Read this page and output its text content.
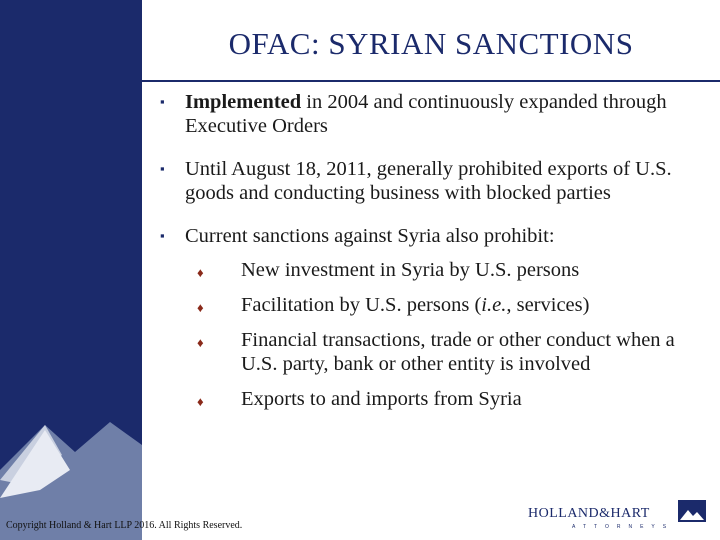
OFAC: SYRIAN SANCTIONS
▪ Implemented in 2004 and continuously expanded through Executive Orders
▪ Until August 18, 2011, generally prohibited exports of U.S. goods and conducting business with blocked parties
▪ Current sanctions against Syria also prohibit:
♦ New investment in Syria by U.S. persons
♦ Facilitation by U.S. persons (i.e., services)
♦ Financial transactions, trade or other conduct when a U.S. party, bank or other entity is involved
♦ Exports to and imports from Syria
Copyright Holland & Hart LLP 2016. All Rights Reserved.
HOLLAND&HART
ATTORNEYS
